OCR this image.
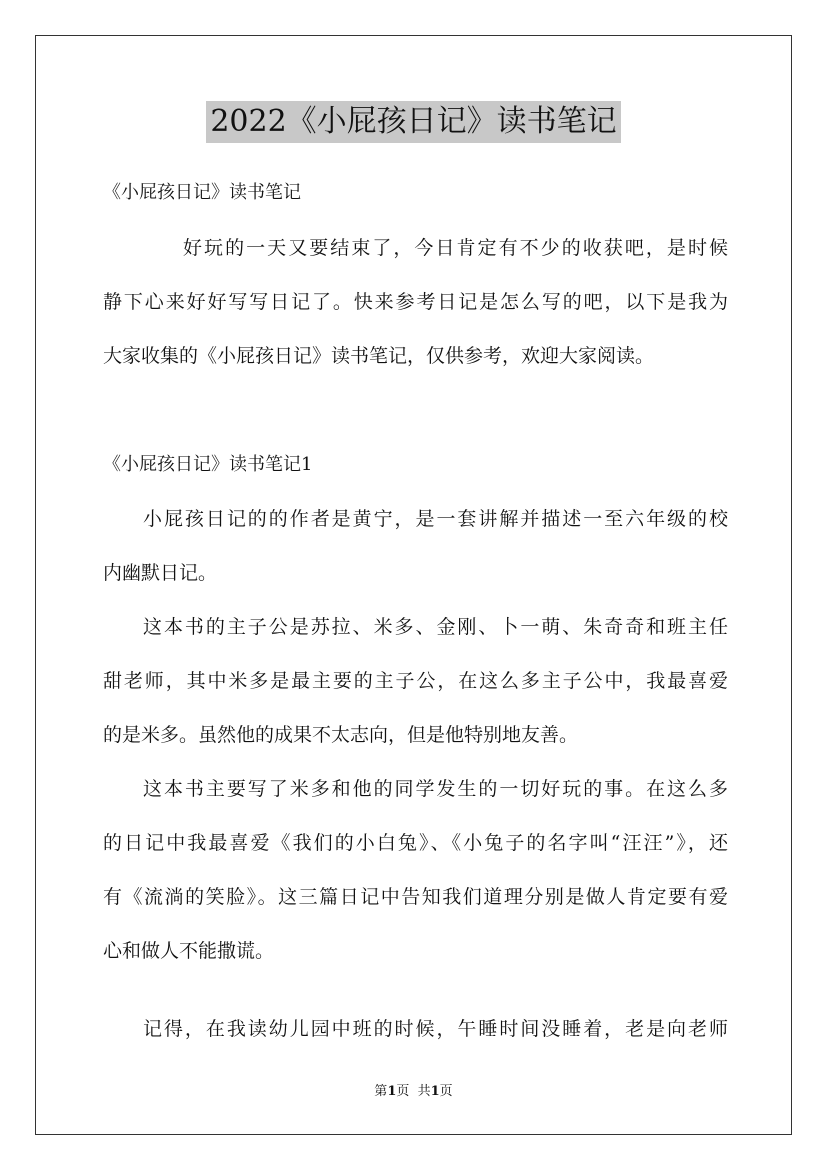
2022《小屁孩日记》读书笔记
《小屁孩日记》读书笔记
好玩的一天又要结束了，今日肯定有不少的收获吧，是时候
静下心来好好写写日记了。快来参考日记是怎么写的吧，以下是我为
大家收集的《小屁孩日记》读书笔记，仅供参考，欢迎大家阅读。
《小屁孩日记》读书笔记1
小屁孩日记的的作者是黄宁，是一套讲解并描述一至六年级的校
内幽默日记。
这本书的主子公是苏拉、米多、金刚、卜一萌、朱奇奇和班主任
甜老师，其中米多是最主要的主子公，在这么多主子公中，我最喜爱
的是米多。虽然他的成果不太志向，但是他特别地友善。
这本书主要写了米多和他的同学发生的一切好玩的事。在这么多
的日记中我最喜爱《我们的小白兔》、《小兔子的名字叫“汪汪”》，还
有《流淌的笑脸》。这三篇日记中告知我们道理分别是做人肯定要有爱
心和做人不能撒谎。
记得，在我读幼儿园中班的时候，午睡时间没睡着，老是向老师
第1页  共1页
